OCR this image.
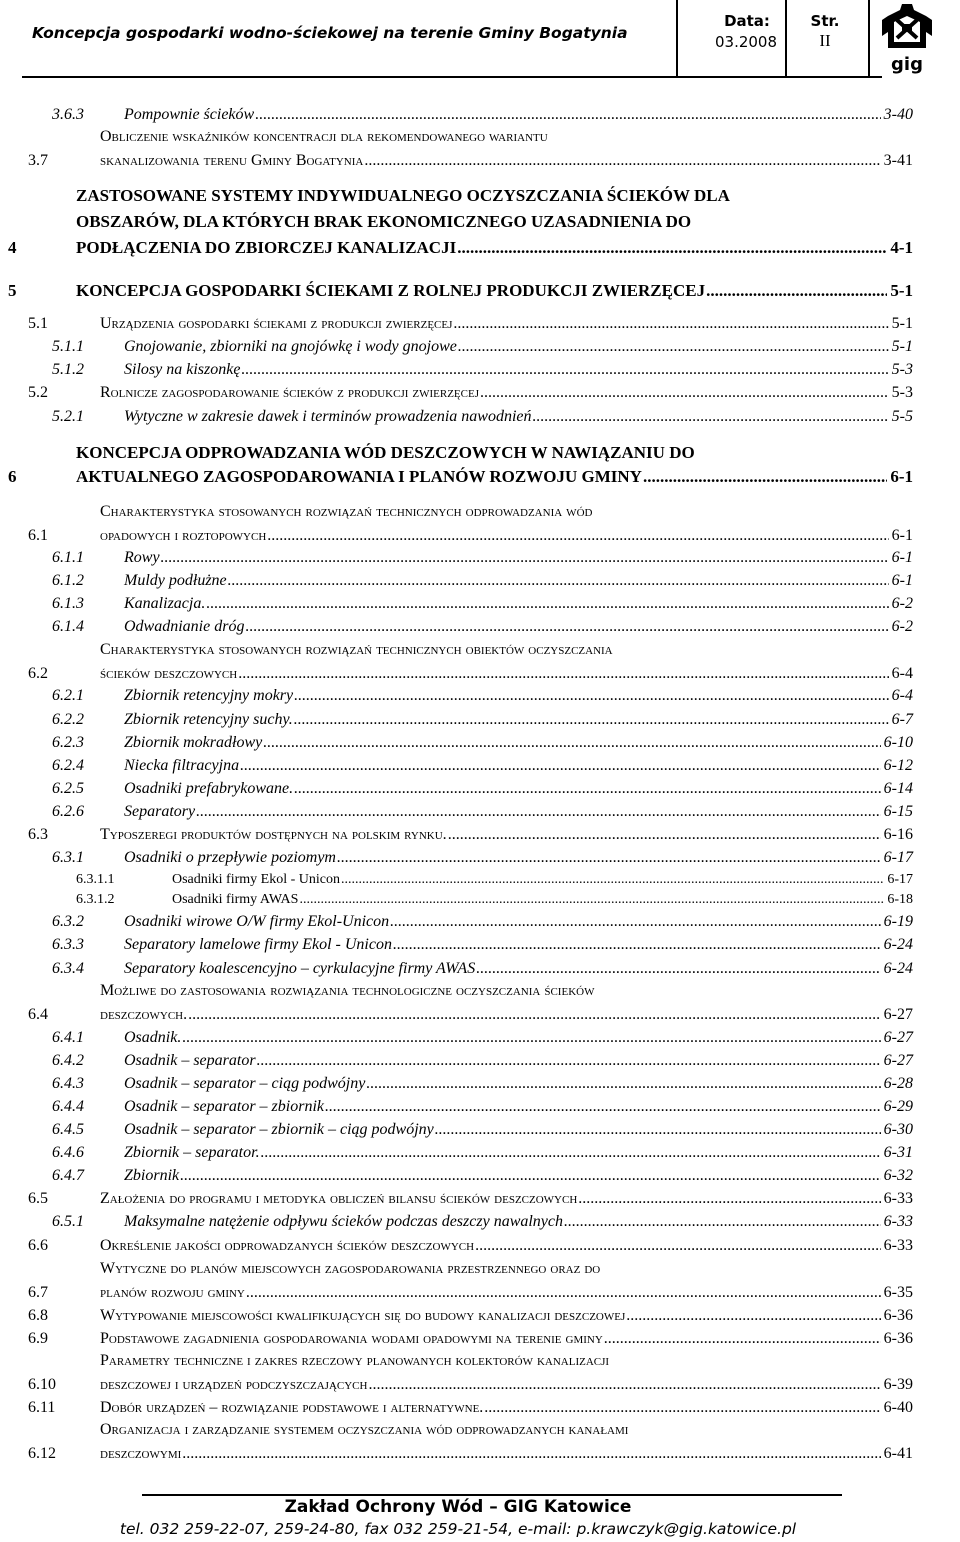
Koncepcja gospodarki wodno-ściekowej na terenie Gminy Bogatynia
Data:
03.2008
Str.
II
gig
3.6.3	Pompownie ścieków .....	3-40
Obliczenie wskaźników koncentracji dla rekomendowanego wariantu
3.7	skanalizowania terenu Gminy Bogatynia .....	3-41
ZASTOSOWANE SYSTEMY INDYWIDUALNEGO OCZYSZCZANIA ŚCIEKÓW DLA
OBSZARÓW, DLA KTÓRYCH BRAK EKONOMICZNEGO UZASADNIENIA DO
4	PODŁĄCZENIA DO ZBIORCZEJ KANALIZACJI .....	4-1
5	KONCEPCJA GOSPODARKI ŚCIEKAMI Z ROLNEJ PRODUKCJI ZWIERZĘCEJ .....	5-1
5.1	Urządzenia gospodarki ściekami z produkcji zwierzęcej .....	5-1
5.1.1	Gnojowanie, zbiorniki na gnojówkę i wody gnojowe .....	5-1
5.1.2	Silosy na kiszonkę .....	5-3
5.2	Rolnicze zagospodarowanie ścieków z produkcji zwierzęcej .....	5-3
5.2.1	Wytyczne w zakresie dawek i terminów prowadzenia nawodnień .....	5-5
KONCEPCJA ODPROWADZANIA WÓD DESZCZOWYCH W NAWIĄZANIU DO
6	AKTUALNEGO ZAGOSPODAROWANIA I PLANÓW ROZWOJU GMINY .....	6-1
Charakterystyka stosowanych rozwiązań technicznych odprowadzania wód
6.1	opadowych i roztopowych .....	6-1
6.1.1	Rowy .....	6-1
6.1.2	Muldy podłużne .....	6-1
6.1.3	Kanalizacja. .....	6-2
6.1.4	Odwadnianie dróg .....	6-2
Charakterystyka stosowanych rozwiązań technicznych obiektów oczyszczania
6.2	ścieków deszczowych .....	6-4
6.2.1	Zbiornik retencyjny mokry .....	6-4
6.2.2	Zbiornik retencyjny suchy. .....	6-7
6.2.3	Zbiornik mokradłowy .....	6-10
6.2.4	Niecka filtracyjna .....	6-12
6.2.5	Osadniki prefabrykowane. .....	6-14
6.2.6	Separatory .....	6-15
6.3	Typoszeregi produktów dostępnych na polskim rynku. .....	6-16
6.3.1	Osadniki o przepływie poziomym .....	6-17
6.3.1.1	Osadniki firmy Ekol - Unicon .....	6-17
6.3.1.2	Osadniki firmy AWAS .....	6-18
6.3.2	Osadniki wirowe O/W firmy Ekol-Unicon .....	6-19
6.3.3	Separatory lamelowe firmy Ekol - Unicon .....	6-24
6.3.4	Separatory koalescencyjno – cyrkulacyjne firmy AWAS .....	6-24
Możliwe do zastosowania rozwiązania technologiczne oczyszczania ścieków
6.4	deszczowych. .....	6-27
6.4.1	Osadnik. .....	6-27
6.4.2	Osadnik – separator .....	6-27
6.4.3	Osadnik – separator – ciąg podwójny .....	6-28
6.4.4	Osadnik – separator – zbiornik .....	6-29
6.4.5	Osadnik – separator – zbiornik – ciąg podwójny .....	6-30
6.4.6	Zbiornik – separator. .....	6-31
6.4.7	Zbiornik .....	6-32
6.5	Założenia do programu i metodyka obliczeń bilansu ścieków deszczowych .....	6-33
6.5.1	Maksymalne natężenie odpływu ścieków podczas deszczy nawalnych .....	6-33
6.6	Określenie jakości odprowadzanych ścieków deszczowych .....	6-33
Wytyczne do planów miejscowych zagospodarowania przestrzennego oraz do
6.7	planów rozwoju gminy .....	6-35
6.8	Wytypowanie miejscowości kwalifikujących się do budowy kanalizacji deszczowej .....	6-36
6.9	Podstawowe zagadnienia gospodarowania wodami opadowymi na terenie gminy .....	6-36
Parametry techniczne i zakres rzeczowy planowanych kolektorów kanalizacji
6.10	deszczowej i urządzeń podczyszczających .....	6-39
6.11	Dobór urządzeń – rozwiązanie podstawowe i alternatywne. .....	6-40
Organizacja i zarządzanie systemem oczyszczania wód odprowadzanych kanałami
6.12	deszczowymi .....	6-41
Zakład Ochrony Wód – GIG Katowice
tel. 032 259-22-07, 259-24-80, fax 032 259-21-54, e-mail: p.krawczyk@gig.katowice.pl
